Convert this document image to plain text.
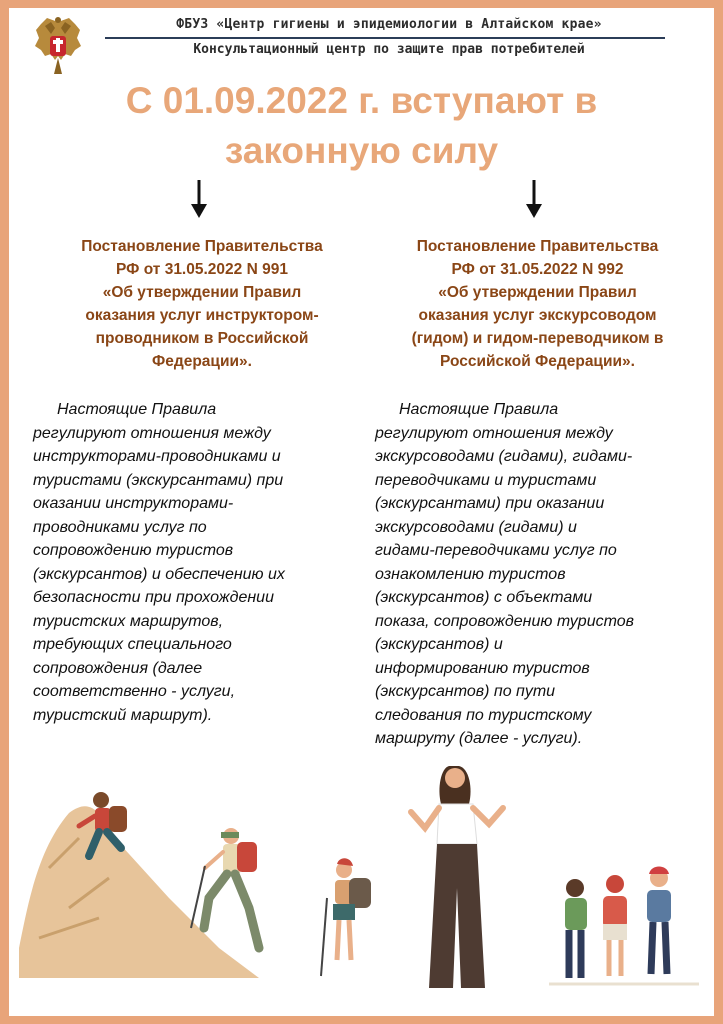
ФБУЗ «Центр гигиены и эпидемиологии в Алтайском крае»
Консультационный центр по защите прав потребителей
С 01.09.2022 г. вступают в
законную силу
Постановление Правительства
РФ от 31.05.2022 N 991
«Об утверждении Правил
оказания услуг инструктором-
проводником в Российской
Федерации».
Постановление Правительства
РФ от 31.05.2022 N 992
«Об утверждении Правил
оказания услуг экскурсоводом
(гидом) и гидом-переводчиком в
Российской Федерации».
Настоящие Правила
регулируют отношения между
инструкторами-проводниками и
туристами (экскурсантами) при
оказании инструкторами-
проводниками услуг по
сопровождению туристов
(экскурсантов) и обеспечению их
безопасности при прохождении
туристских маршрутов,
требующих специального
сопровождения (далее
соответственно - услуги,
туристский маршрут).
Настоящие Правила
регулируют отношения между
экскурсоводами (гидами), гидами-
переводчиками и туристами
(экскурсантами) при оказании
экскурсоводами (гидами) и
гидами-переводчиками услуг по
ознакомлению туристов
(экскурсантов) с объектами
показа, сопровождению туристов
(экскурсантов) и
информированию туристов
(экскурсантов) по пути
следования по туристскому
маршруту (далее - услуги).
